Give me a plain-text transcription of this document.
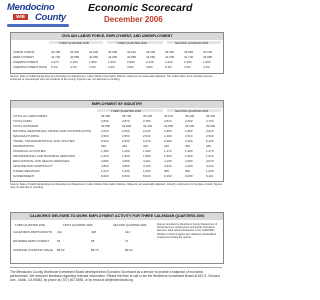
Mendocino
WIB	County
Economic Scorecard
December 2006
CIVILIAN LABOR FORCE, EMPLOYMENT, AND UNEMPLOYMENT
THIRD QUARTER 2005	THIRD QUARTER 2006	SECOND QUARTER 2006
LABOR FORCE	44,780	44,620	44,920	45,080	44,910	44,690	44,660	43,890	44,640
EMPLOYMENT	42,700	42,580	42,960	43,090	42,850	42,560	42,000	41,730	42,680
UNEMPLOYMENT	2,270	2,160	1,950	1,990	2,060	2,130	2,410	2,160	1,960
UNEMPLOYMENT RATE	5.1%	4.7%	4.4%	4.4%	4.6%	4.8%	5.4%	4.9%	4.4%
Source: State of California Employment Development Department, Labor Market Information Division. Data are not seasonally adjusted. The civilian labor force includes persons employed or unemployed who are residents of the county. Figures may not add due to rounding.
EMPLOYMENT BY INDUSTRY
THIRD QUARTER 2006	SECOND QUARTER 2006
TOTAL ALL INDUSTRIES	35,680	35,700	35,420	35,670	35,240	35,330
TOTAL FARM	2,830	2,870	2,780	2,810	2,600	2,700
TOTAL NONFARM	32,850	32,830	32,640	32,860	32,640	32,630
NATURAL RESOURCES, MINING AND CONSTRUCTION	2,010	2,050	2,040	1,960	1,950	2,010
MANUFACTURING	2,560	2,550	2,540	2,490	2,510	2,540
TRADE, TRANSPORTATION, AND UTILITIES	6,520	6,500	6,410	6,380	6,400	6,460
INFORMATION	340	340	340	330	330	340
FINANCIAL ACTIVITIES	1,280	1,290	1,280	1,270	1,280	1,270
PROFESSIONAL AND BUSINESS SERVICES	1,620	1,600	1,580	1,590	1,600	1,610
EDUCATIONAL AND HEALTH SERVICES	4,080	4,090	4,110	4,100	4,080	4,070
LEISURE AND HOSPITALITY	4,830	4,850	4,720	4,540	4,420	4,210
OTHER SERVICES	1,010	1,000	1,000	990	990	1,000
GOVERNMENT	8,600	8,560	8,620	9,190	9,080	9,110
Source: State of California Employment Development Department, Labor Market Information Division. Data are not seasonally adjusted. Industry employment is by place of work; figures may not add due to rounding.
CALWORKS WELFARE-TO-WORK EMPLOYMENT ACTIVITY FOR THREE CALENDAR QUARTERS 2006
THIRD QUARTER 2006	FIRST QUARTER 2006	SECOND QUARTER 2006
CALWORKS PARTICIPANTS 412	438	421
ENTERED EMPLOYMENT	64	58	71
AVERAGE STARTING WAGE $8.92	$8.75	$9.04
Figures provided by Mendocino County Department of Social Services, Employment and Family Assistance Services. Data reflect participants in the CalWORKs Welfare-to-Work program who obtained unsubsidized employment during the quarter.
The Mendocino County Workforce Investment Board developed this Economic Scorecard as a service to provide a snapshot of economic performance. We welcome feedback regarding relevant information. Please feel free to call or fax the Workforce Investment Board at 631 S. Orchard Ave., Ukiah, CA 95482, by phone at (707) 467-5590, or by email at wib@mendowib.org
